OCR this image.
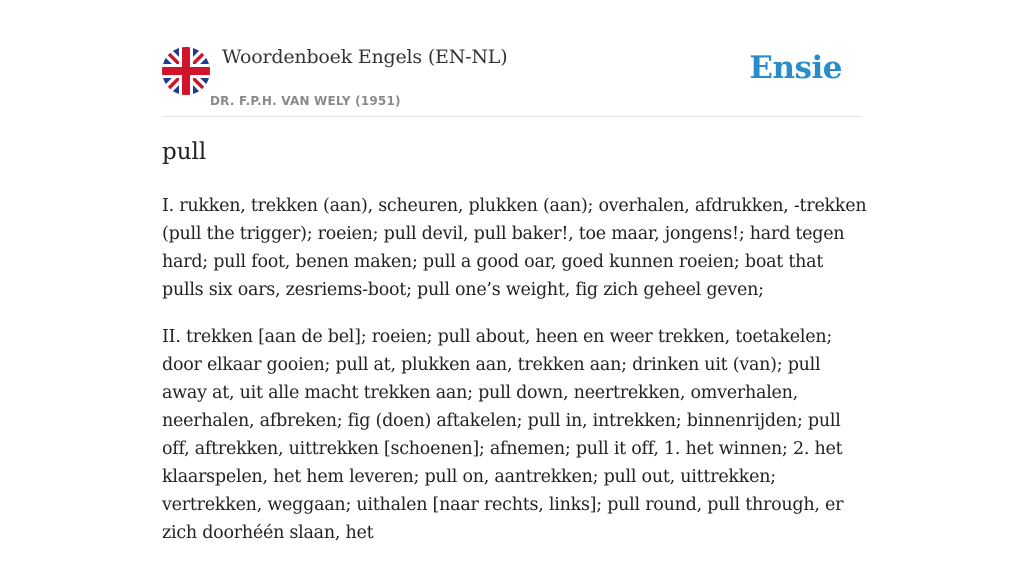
Woordenboek Engels (EN-NL)
DR. F.P.H. VAN WELY (1951)
Ensie
pull

I. rukken, trekken (aan), scheuren, plukken (aan); overhalen, afdrukken, -trekken (pull the trigger); roeien; pull devil, pull baker!, toe maar, jongens!; hard tegen hard; pull foot, benen maken; pull a good oar, goed kunnen roeien; boat that pulls six oars, zesriems-boot; pull one’s weight, fig zich geheel geven;

II. trekken [aan de bel]; roeien; pull about, heen en weer trekken, toetakelen; door elkaar gooien; pull at, plukken aan, trekken aan; drinken uit (van); pull away at, uit alle macht trekken aan; pull down, neertrekken, omverhalen, neerhalen, afbreken; fig (doen) aftakelen; pull in, intrekken; binnenrijden; pull off, aftrekken, uittrekken [schoenen]; afnemen; pull it off, 1. het winnen; 2. het klaarspelen, het hem leveren; pull on, aantrekken; pull out, uittrekken; vertrekken, weggaan; uithalen [naar rechts, links]; pull round, pull through, er zich doorhéén slaan, het
